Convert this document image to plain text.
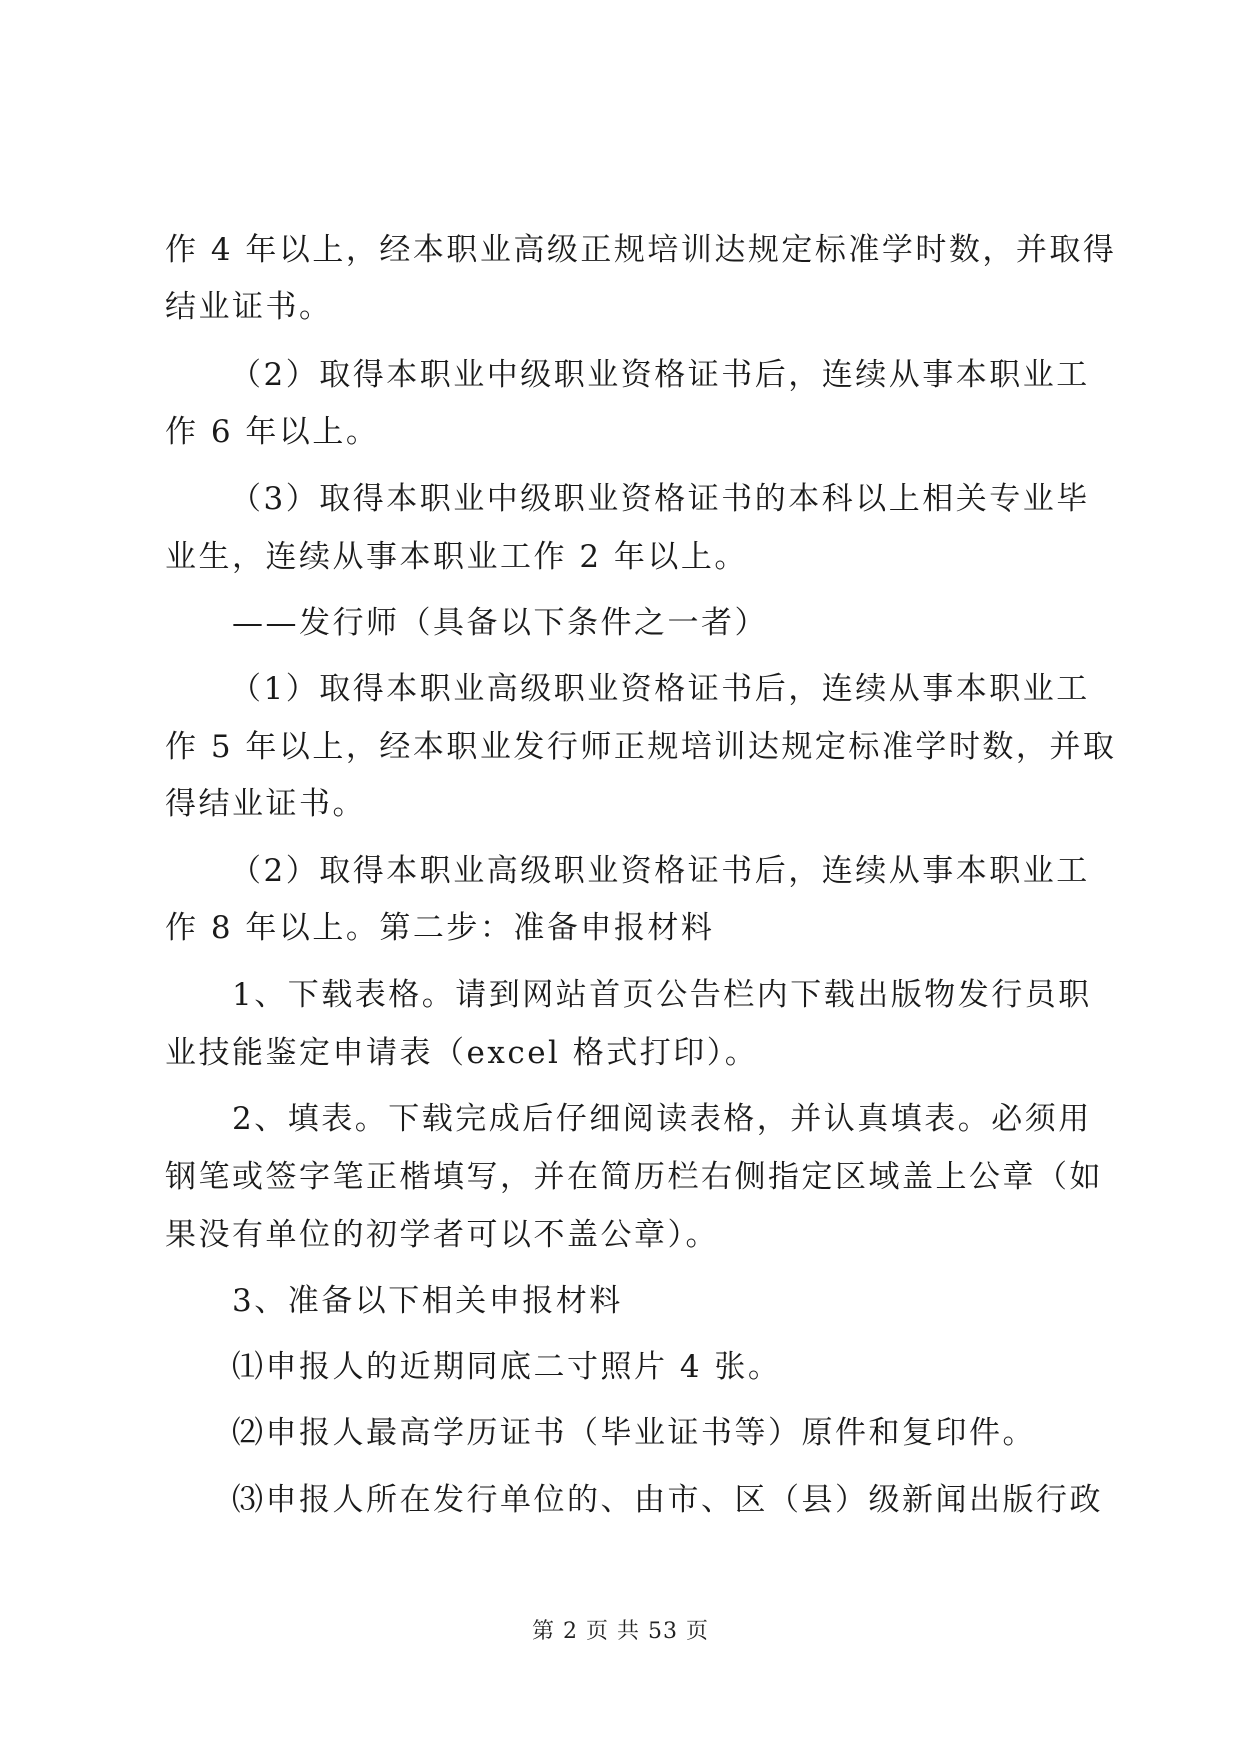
作 4 年以上，经本职业高级正规培训达规定标准学时数，并取得
结业证书。
（2）取得本职业中级职业资格证书后，连续从事本职业工
作 6 年以上。
（3）取得本职业中级职业资格证书的本科以上相关专业毕
业生，连续从事本职业工作 2 年以上。
——发行师（具备以下条件之一者）
（1）取得本职业高级职业资格证书后，连续从事本职业工
作 5 年以上，经本职业发行师正规培训达规定标准学时数，并取
得结业证书。
（2）取得本职业高级职业资格证书后，连续从事本职业工
作 8 年以上。第二步：准备申报材料
1、下载表格。请到网站首页公告栏内下载出版物发行员职
业技能鉴定申请表（excel 格式打印）。
2、填表。下载完成后仔细阅读表格，并认真填表。必须用
钢笔或签字笔正楷填写，并在简历栏右侧指定区域盖上公章（如
果没有单位的初学者可以不盖公章）。
3、准备以下相关申报材料
⑴申报人的近期同底二寸照片 4 张。
⑵申报人最高学历证书（毕业证书等）原件和复印件。
⑶申报人所在发行单位的、由市、区（县）级新闻出版行政
第 2 页 共 53 页
